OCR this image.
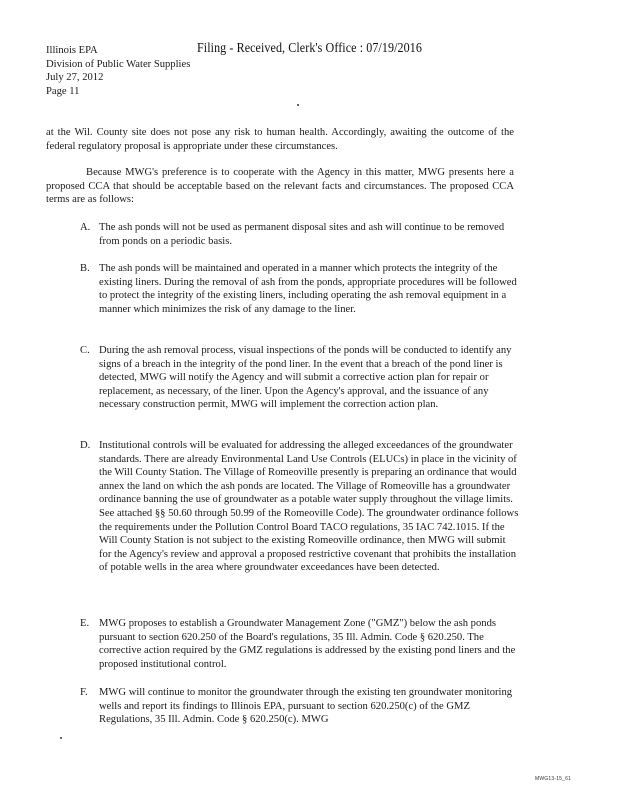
Illinois EPA
Division of Public Water Supplies
July 27, 2012
Page 11
Filing - Received, Clerk's Office : 07/19/2016
at the Wil. County site does not pose any risk to human health. Accordingly, awaiting the outcome of the federal regulatory proposal is appropriate under these circumstances.
Because MWG's preference is to cooperate with the Agency in this matter, MWG presents here a proposed CCA that should be acceptable based on the relevant facts and circumstances. The proposed CCA terms are as follows:
A. The ash ponds will not be used as permanent disposal sites and ash will continue to be removed from ponds on a periodic basis.
B. The ash ponds will be maintained and operated in a manner which protects the integrity of the existing liners. During the removal of ash from the ponds, appropriate procedures will be followed to protect the integrity of the existing liners, including operating the ash removal equipment in a manner which minimizes the risk of any damage to the liner.
C. During the ash removal process, visual inspections of the ponds will be conducted to identify any signs of a breach in the integrity of the pond liner. In the event that a breach of the pond liner is detected, MWG will notify the Agency and will submit a corrective action plan for repair or replacement, as necessary, of the liner. Upon the Agency's approval, and the issuance of any necessary construction permit, MWG will implement the correction action plan.
D. Institutional controls will be evaluated for addressing the alleged exceedances of the groundwater standards. There are already Environmental Land Use Controls (ELUCs) in place in the vicinity of the Will County Station. The Village of Romeoville presently is preparing an ordinance that would annex the land on which the ash ponds are located. The Village of Romeoville has a groundwater ordinance banning the use of groundwater as a potable water supply throughout the village limits. See attached §§ 50.60 through 50.99 of the Romeoville Code). The groundwater ordinance follows the requirements under the Pollution Control Board TACO regulations, 35 IAC 742.1015. If the Will County Station is not subject to the existing Romeoville ordinance, then MWG will submit for the Agency's review and approval a proposed restrictive covenant that prohibits the installation of potable wells in the area where groundwater exceedances have been detected.
E. MWG proposes to establish a Groundwater Management Zone ("GMZ") below the ash ponds pursuant to section 620.250 of the Board's regulations, 35 Ill. Admin. Code § 620.250. The corrective action required by the GMZ regulations is addressed by the existing pond liners and the proposed institutional control.
F.	MWG will continue to monitor the groundwater through the existing ten groundwater monitoring wells and report its findings to Illinois EPA, pursuant to section 620.250(c) of the GMZ Regulations, 35 Ill. Admin. Code § 620.250(c). MWG
MWG13-15_61
